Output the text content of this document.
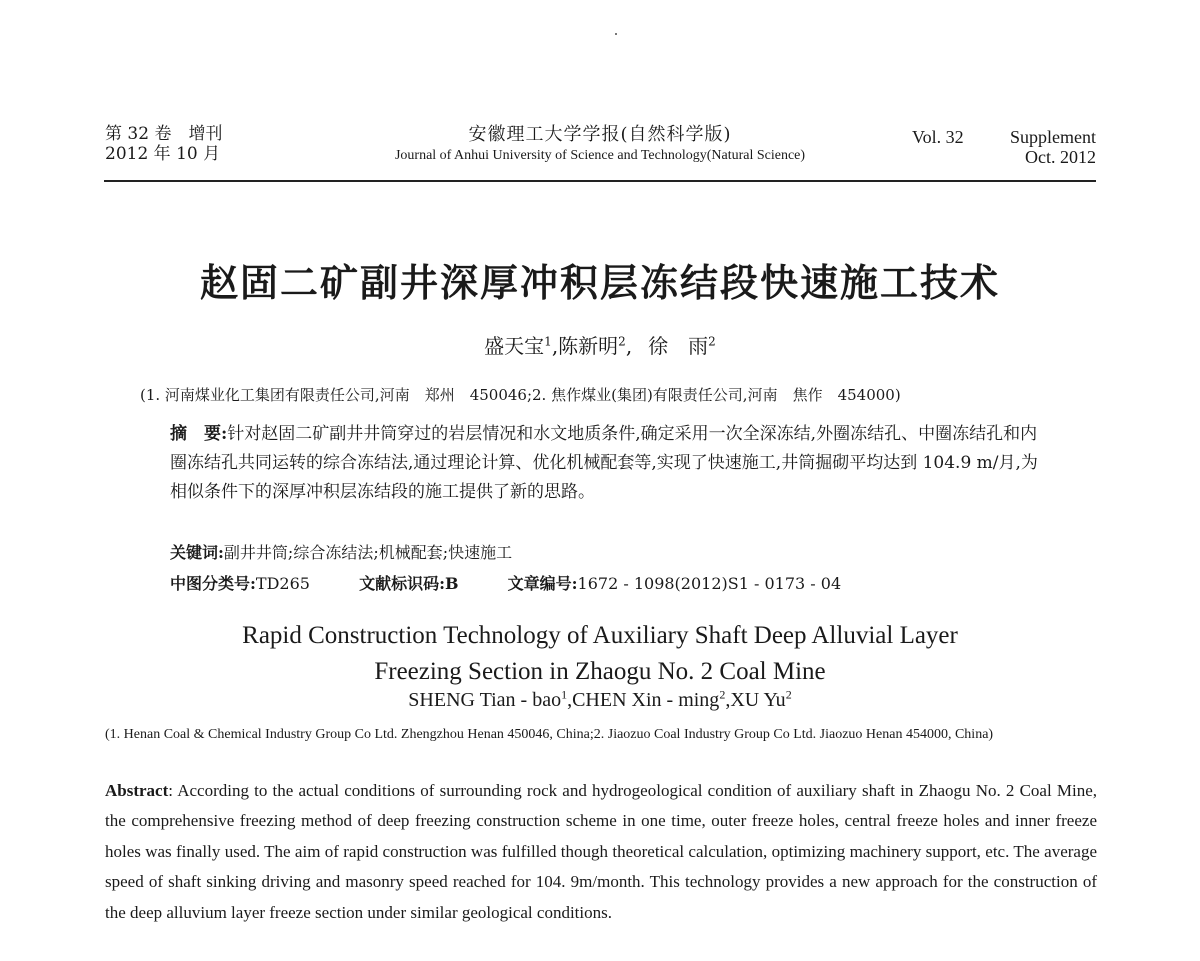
第 32 卷　增刊
2012 年 10 月
安徽理工大学学报(自然科学版)
Journal of Anhui University of Science and Technology(Natural Science)
Vol. 32	Supplement
Oct. 2012
赵固二矿副井深厚冲积层冻结段快速施工技术
盛天宝$^1$,陈新明$^2$, 徐　雨$^2$
(1. 河南煤业化工集团有限责任公司,河南　郑州　450046;2. 焦作煤业(集团)有限责任公司,河南　焦作　454000)
摘　要:针对赵固二矿副井井筒穿过的岩层情况和水文地质条件,确定采用一次全深冻结,外圈冻结孔、中圈冻结孔和内圈冻结孔共同运转的综合冻结法,通过理论计算、优化机械配套等,实现了快速施工,井筒掘砌平均达到 104.9 m/月,为相似条件下的深厚冲积层冻结段的施工提供了新的思路。
关键词:副井井筒;综合冻结法;机械配套;快速施工
中图分类号:TD265	文献标识码:B	文章编号:1672 - 1098(2012)S1 - 0173 - 04
Rapid Construction Technology of Auxiliary Shaft Deep Alluvial Layer
Freezing Section in Zhaogu No. 2 Coal Mine
SHENG Tian - bao$^1$,CHEN Xin - ming$^2$,XU Yu$^2$
(1. Henan Coal & Chemical Industry Group Co Ltd. Zhengzhou Henan 450046, China;2. Jiaozuo Coal Industry Group Co Ltd. Jiaozuo Henan 454000, China)
Abstract: According to the actual conditions of surrounding rock and hydrogeological condition of auxiliary shaft in Zhaogu No. 2 Coal Mine, the comprehensive freezing method of deep freezing construction scheme in one time, outer freeze holes, central freeze holes and inner freeze holes was finally used. The aim of rapid construction was fulfilled though theoretical calculation, optimizing machinery support, etc. The average speed of shaft sinking driving and masonry speed reached for 104. 9m/month. This technology provides a new approach for the construction of the deep alluvium layer freeze section under similar geological conditions.
